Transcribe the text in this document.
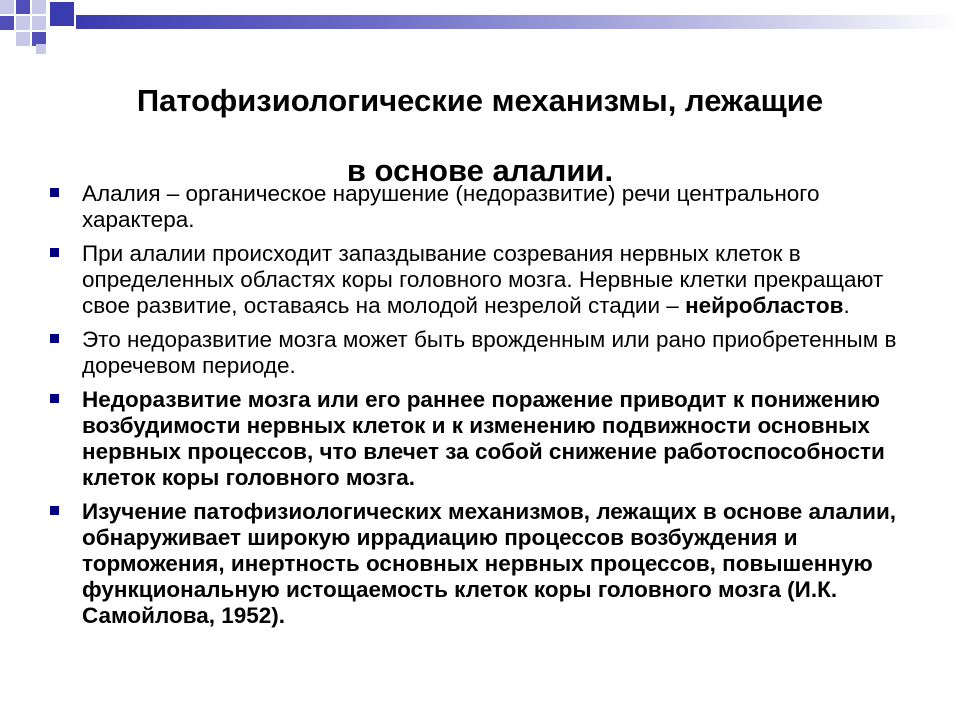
Патофизиологические механизмы, лежащие
в основе алалии.
Алалия – органическое нарушение (недоразвитие) речи центрального характера.
При алалии происходит запаздывание созревания нервных клеток в определенных областях коры головного мозга. Нервные клетки прекращают свое развитие, оставаясь на молодой незрелой стадии – нейробластов.
Это недоразвитие мозга может быть врожденным или рано приобретенным в доречевом периоде.
Недоразвитие мозга или его раннее поражение приводит к понижению возбудимости нервных клеток и к изменению подвижности основных нервных процессов, что влечет за собой снижение работоспособности клеток коры головного мозга.
Изучение патофизиологических механизмов, лежащих в основе алалии, обнаруживает широкую иррадиацию процессов возбуждения и торможения, инертность основных нервных процессов, повышенную функциональную истощаемость клеток коры головного мозга (И.К. Самойлова, 1952).
